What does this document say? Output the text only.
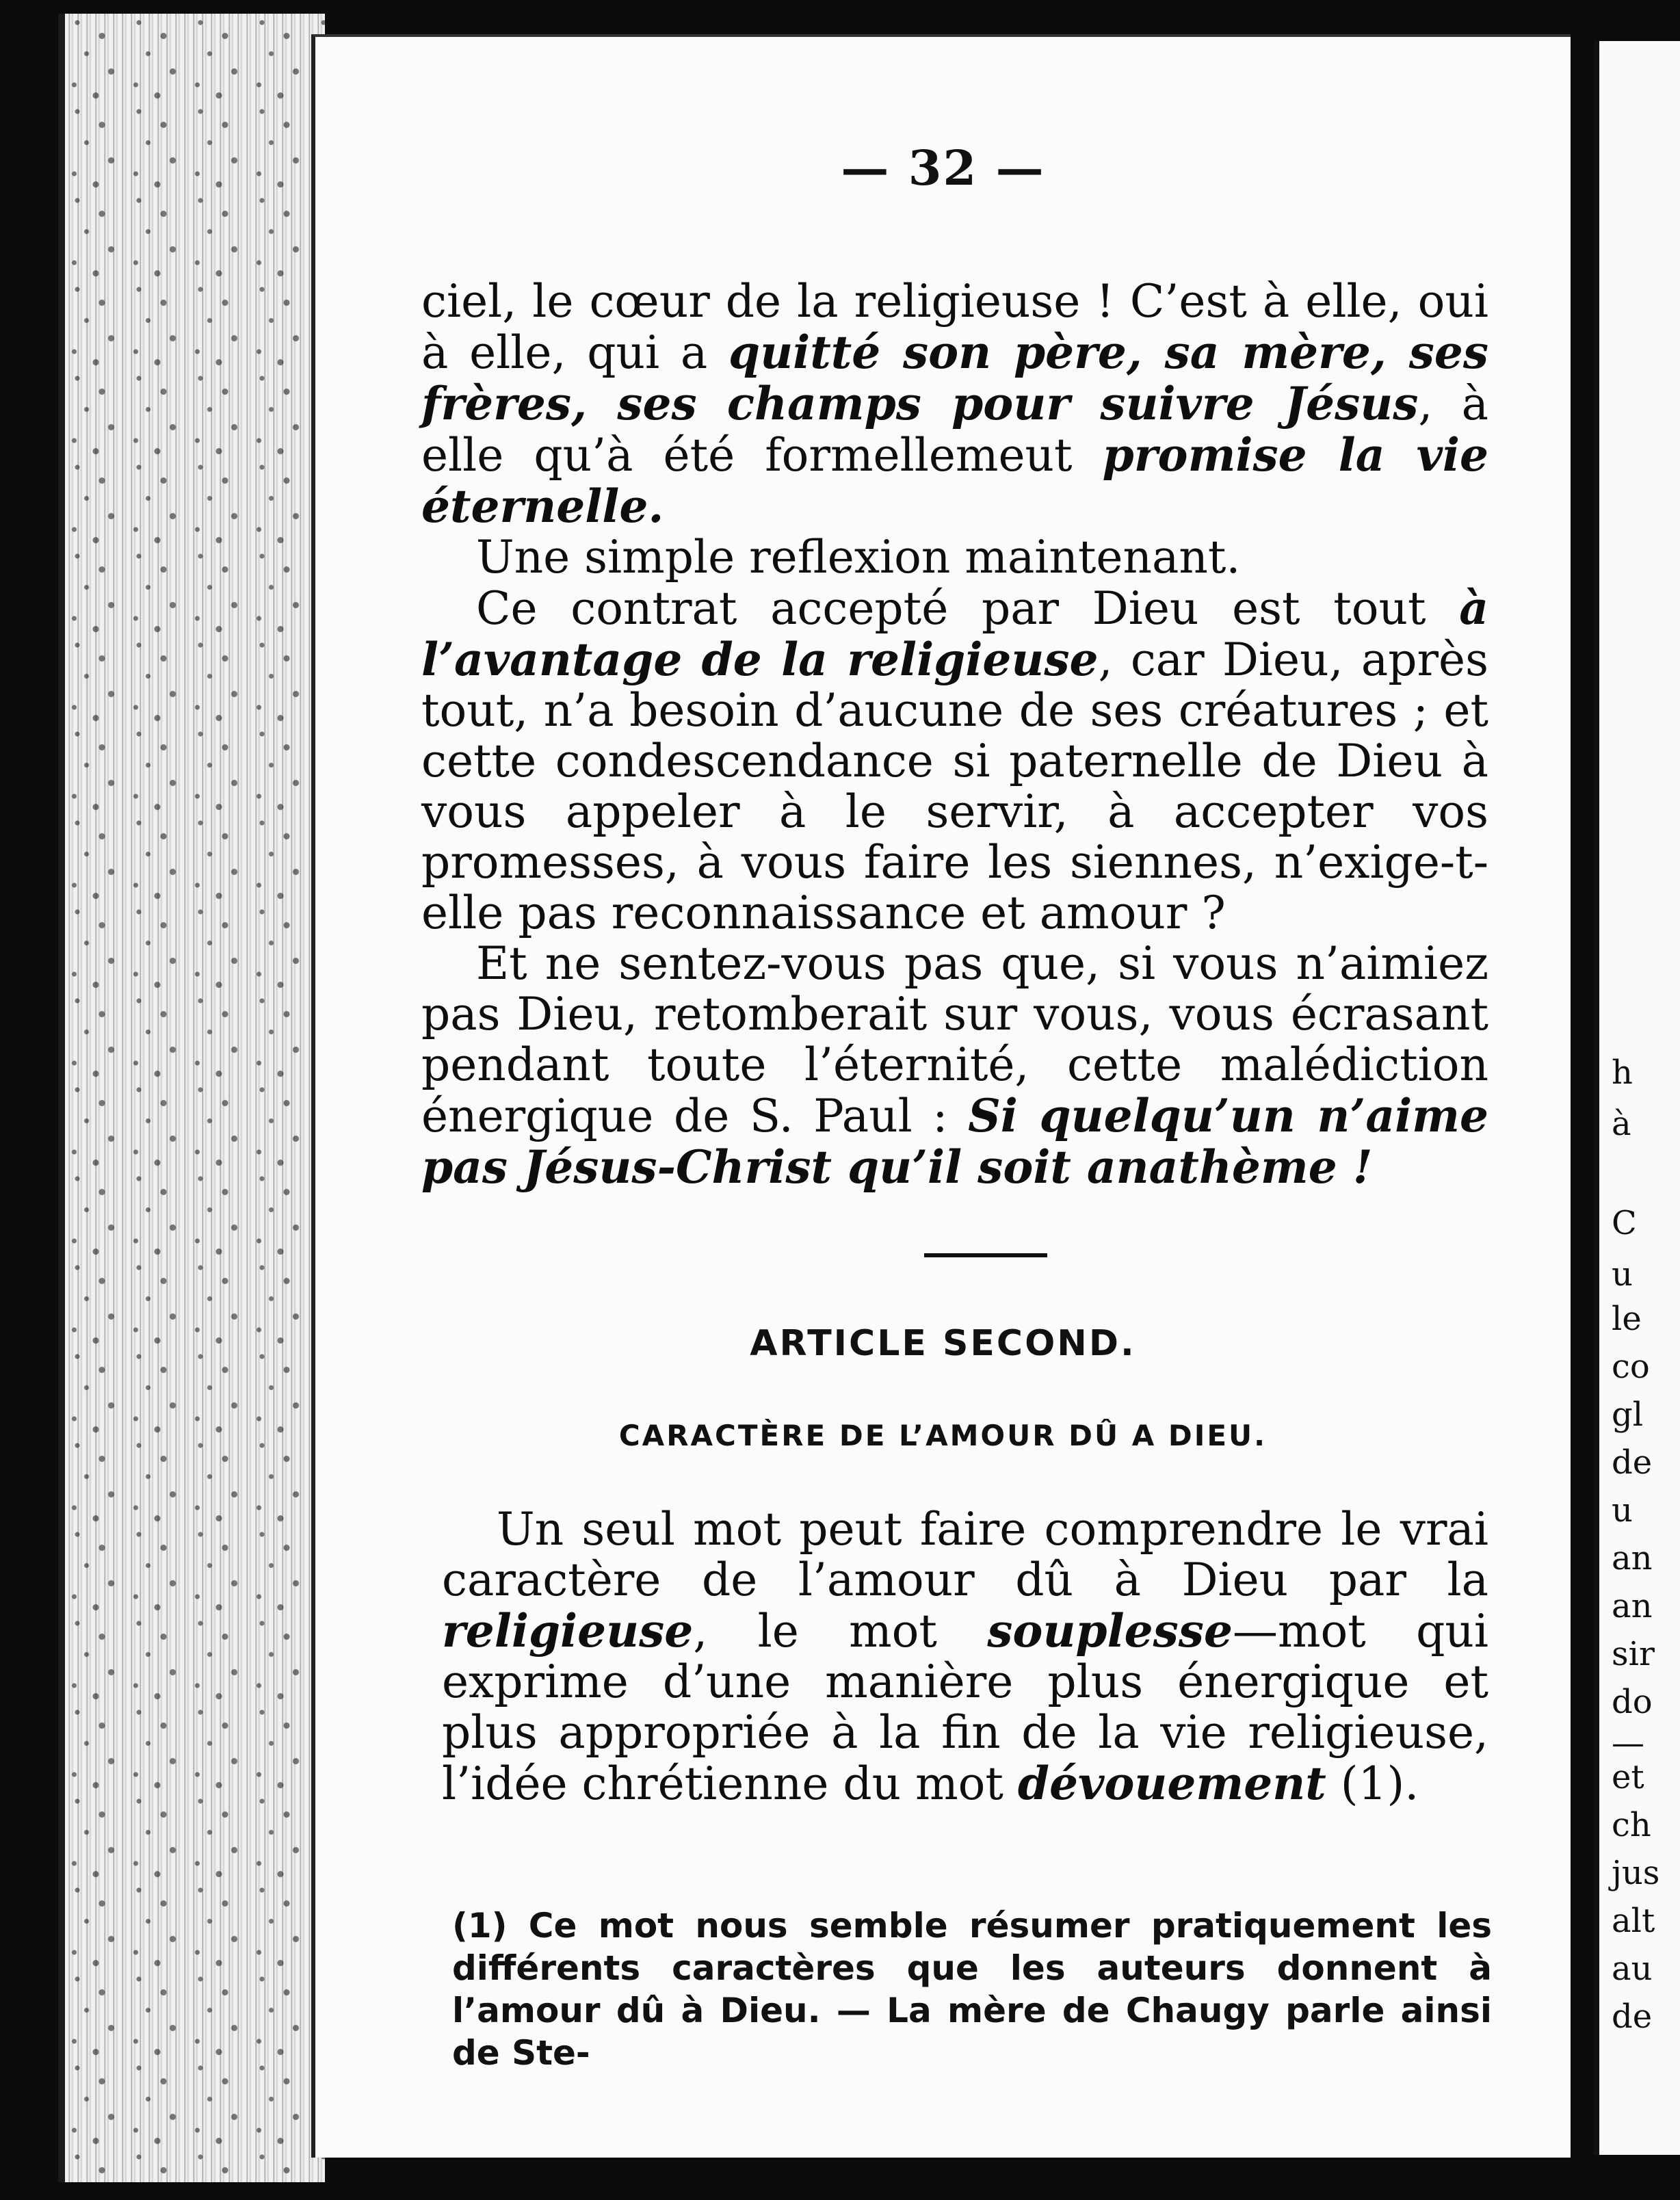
h
à
C
u
le
co
gl
de
u
an
an
sir
do
—
et
ch
jus
alt
au
de
— 32 —

ciel, le cœur de la religieuse ! C’est à elle, oui à elle, qui a quitté son père, sa mère, ses frères, ses champs pour suivre Jésus, à elle qu’à été formellemeut promise la vie éternelle.

Une simple reflexion maintenant.

Ce contrat accepté par Dieu est tout à l’avantage de la religieuse, car Dieu, après tout, n’a besoin d’aucune de ses créatures ; et cette condescendance si paternelle de Dieu à vous appeler à le servir, à accepter vos promesses, à vous faire les siennes, n’exige-t-elle pas reconnaissance et amour ?

Et ne sentez-vous pas que, si vous n’aimiez pas Dieu, retomberait sur vous, vous écrasant pendant toute l’éternité, cette malédiction énergique de S. Paul : Si quelqu’un n’aime pas Jésus-Christ qu’il soit anathème !

ARTICLE SECOND.
CARACTÈRE DE L’AMOUR DÛ A DIEU.

Un seul mot peut faire comprendre le vrai caractère de l’amour dû à Dieu par la religieuse, le mot souplesse—mot qui exprime d’une manière plus énergique et plus appropriée à la fin de la vie religieuse, l’idée chrétienne du mot dévouement (1).

(1) Ce mot nous semble résumer pratiquement les différents caractères que les auteurs donnent à l’amour dû à Dieu. — La mère de Chaugy parle ainsi de Ste-
